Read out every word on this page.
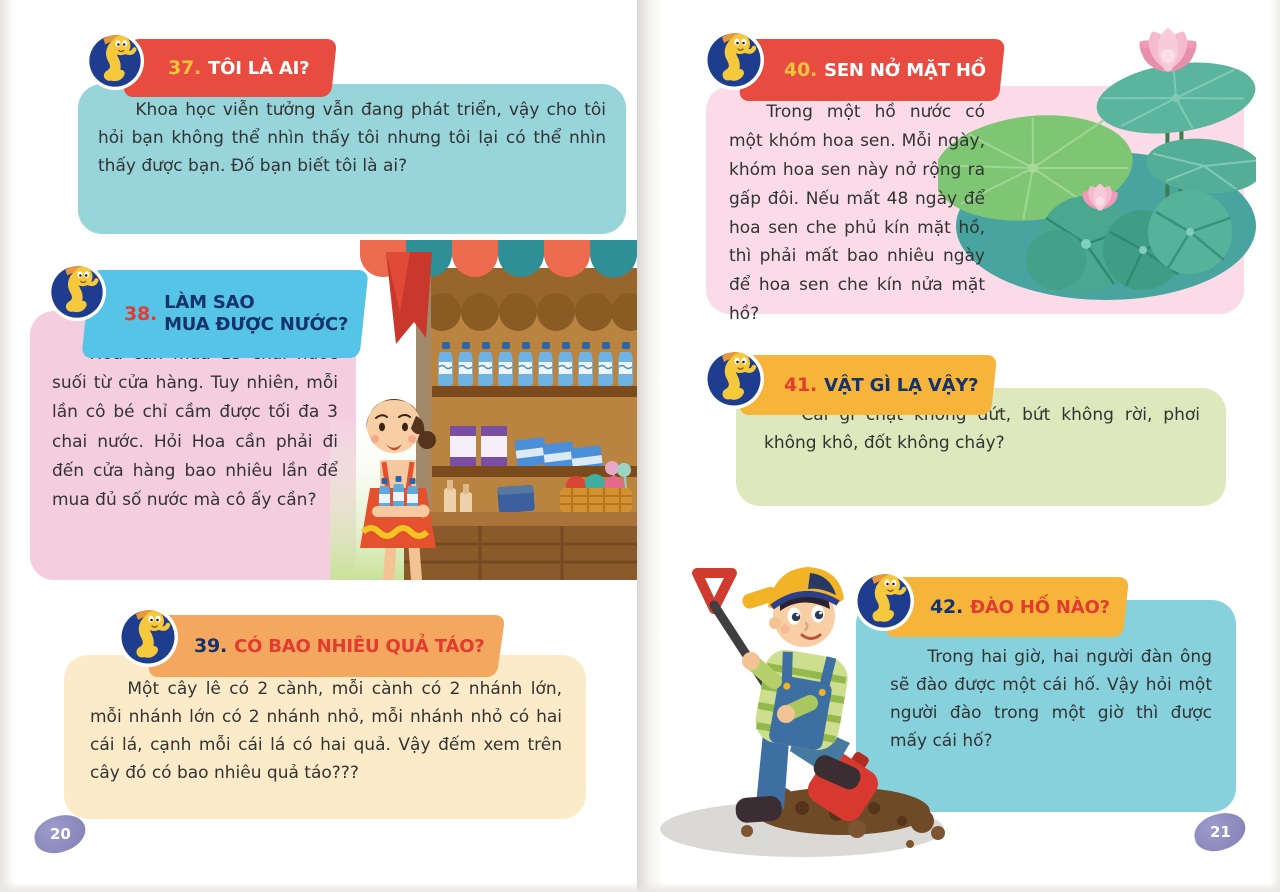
37. TÔI LÀ AI?

Khoa học viễn tưởng vẫn đang phát triển, vậy cho tôi hỏi bạn không thể nhìn thấy tôi nhưng tôi lại có thể nhìn thấy được bạn. Đố bạn biết tôi là ai?

38.
LÀM SAO
MUA ĐƯỢC NƯỚC?

Hoa cần mua 13 chai nước suối từ cửa hàng. Tuy nhiên, mỗi lần cô bé chỉ cầm được tối đa 3 chai nước. Hỏi Hoa cần phải đi đến cửa hàng bao nhiêu lần để mua đủ số nước mà cô ấy cần?

39. CÓ BAO NHIÊU QUẢ TÁO?

Một cây lê có 2 cành, mỗi cành có 2 nhánh lớn, mỗi nhánh lớn có 2 nhánh nhỏ, mỗi nhánh nhỏ có hai cái lá, cạnh mỗi cái lá có hai quả. Vậy đếm xem trên cây đó có bao nhiêu quả táo???

20
40. SEN NỞ MẶT HỒ

Trong một hồ nước có một khóm hoa sen. Mỗi ngày, khóm hoa sen này nở rộng ra gấp đôi. Nếu mất 48 ngày để hoa sen che phủ kín mặt hồ, thì phải mất bao nhiêu ngày để hoa sen che kín nửa mặt hồ?

41. VẬT GÌ LẠ VẬY?

Cái gì chặt không đứt, bứt không rời, phơi không khô, đốt không cháy?

42. ĐÀO HỐ NÀO?

Trong hai giờ, hai người đàn ông sẽ đào được một cái hố. Vậy hỏi một người đào trong một giờ thì được mấy cái hố?

21
